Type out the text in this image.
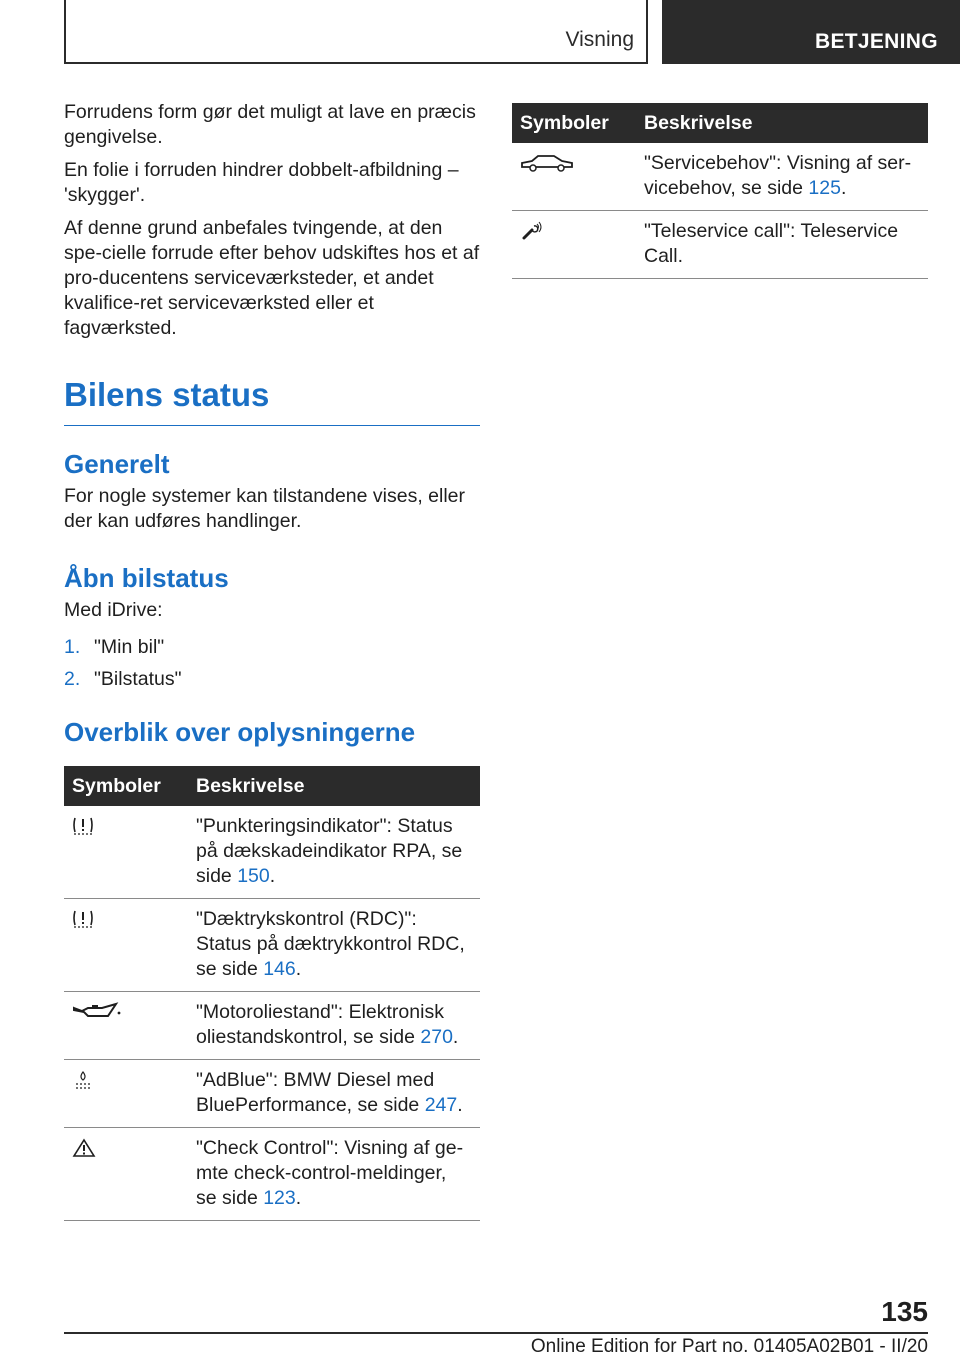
Visning	BETJENING

Forrudens form gør det muligt at lave en præcis gengivelse.

En folie i forruden hindrer dobbelt-afbildning – 'skygger'.

Af denne grund anbefales tvingende, at den spe-cielle forrude efter behov udskiftes hos et af pro-ducentens serviceværksteder, et andet kvalifice-ret serviceværksted eller et fagværksted.

Bilens status
Generelt

For nogle systemer kan tilstandene vises, eller der kan udføres handlinger.

Åbn bilstatus

Med iDrive:

1. "Min bil"
2. "Bilstatus"
Overblik over oplysningerne
Symboler	Beskrivelse

	"Punkteringsindikator": Status på dækskadeindikator RPA, se side 150.

	"Dæktrykskontrol (RDC)": Status på dæktrykkontrol RDC, se side 146.

	"Motoroliestand": Elektronisk oliestandskontrol, se side 270.

	"AdBlue": BMW Diesel med BluePerformance, se side 247.

	"Check Control": Visning af ge-mte check-control-meldinger, se side 123.
Symboler	Beskrivelse

	"Servicebehov": Visning af ser-vicebehov, se side 125.

	"Teleservice call": Teleservice Call.
135
Online Edition for Part no. 01405A02B01 - II/20
